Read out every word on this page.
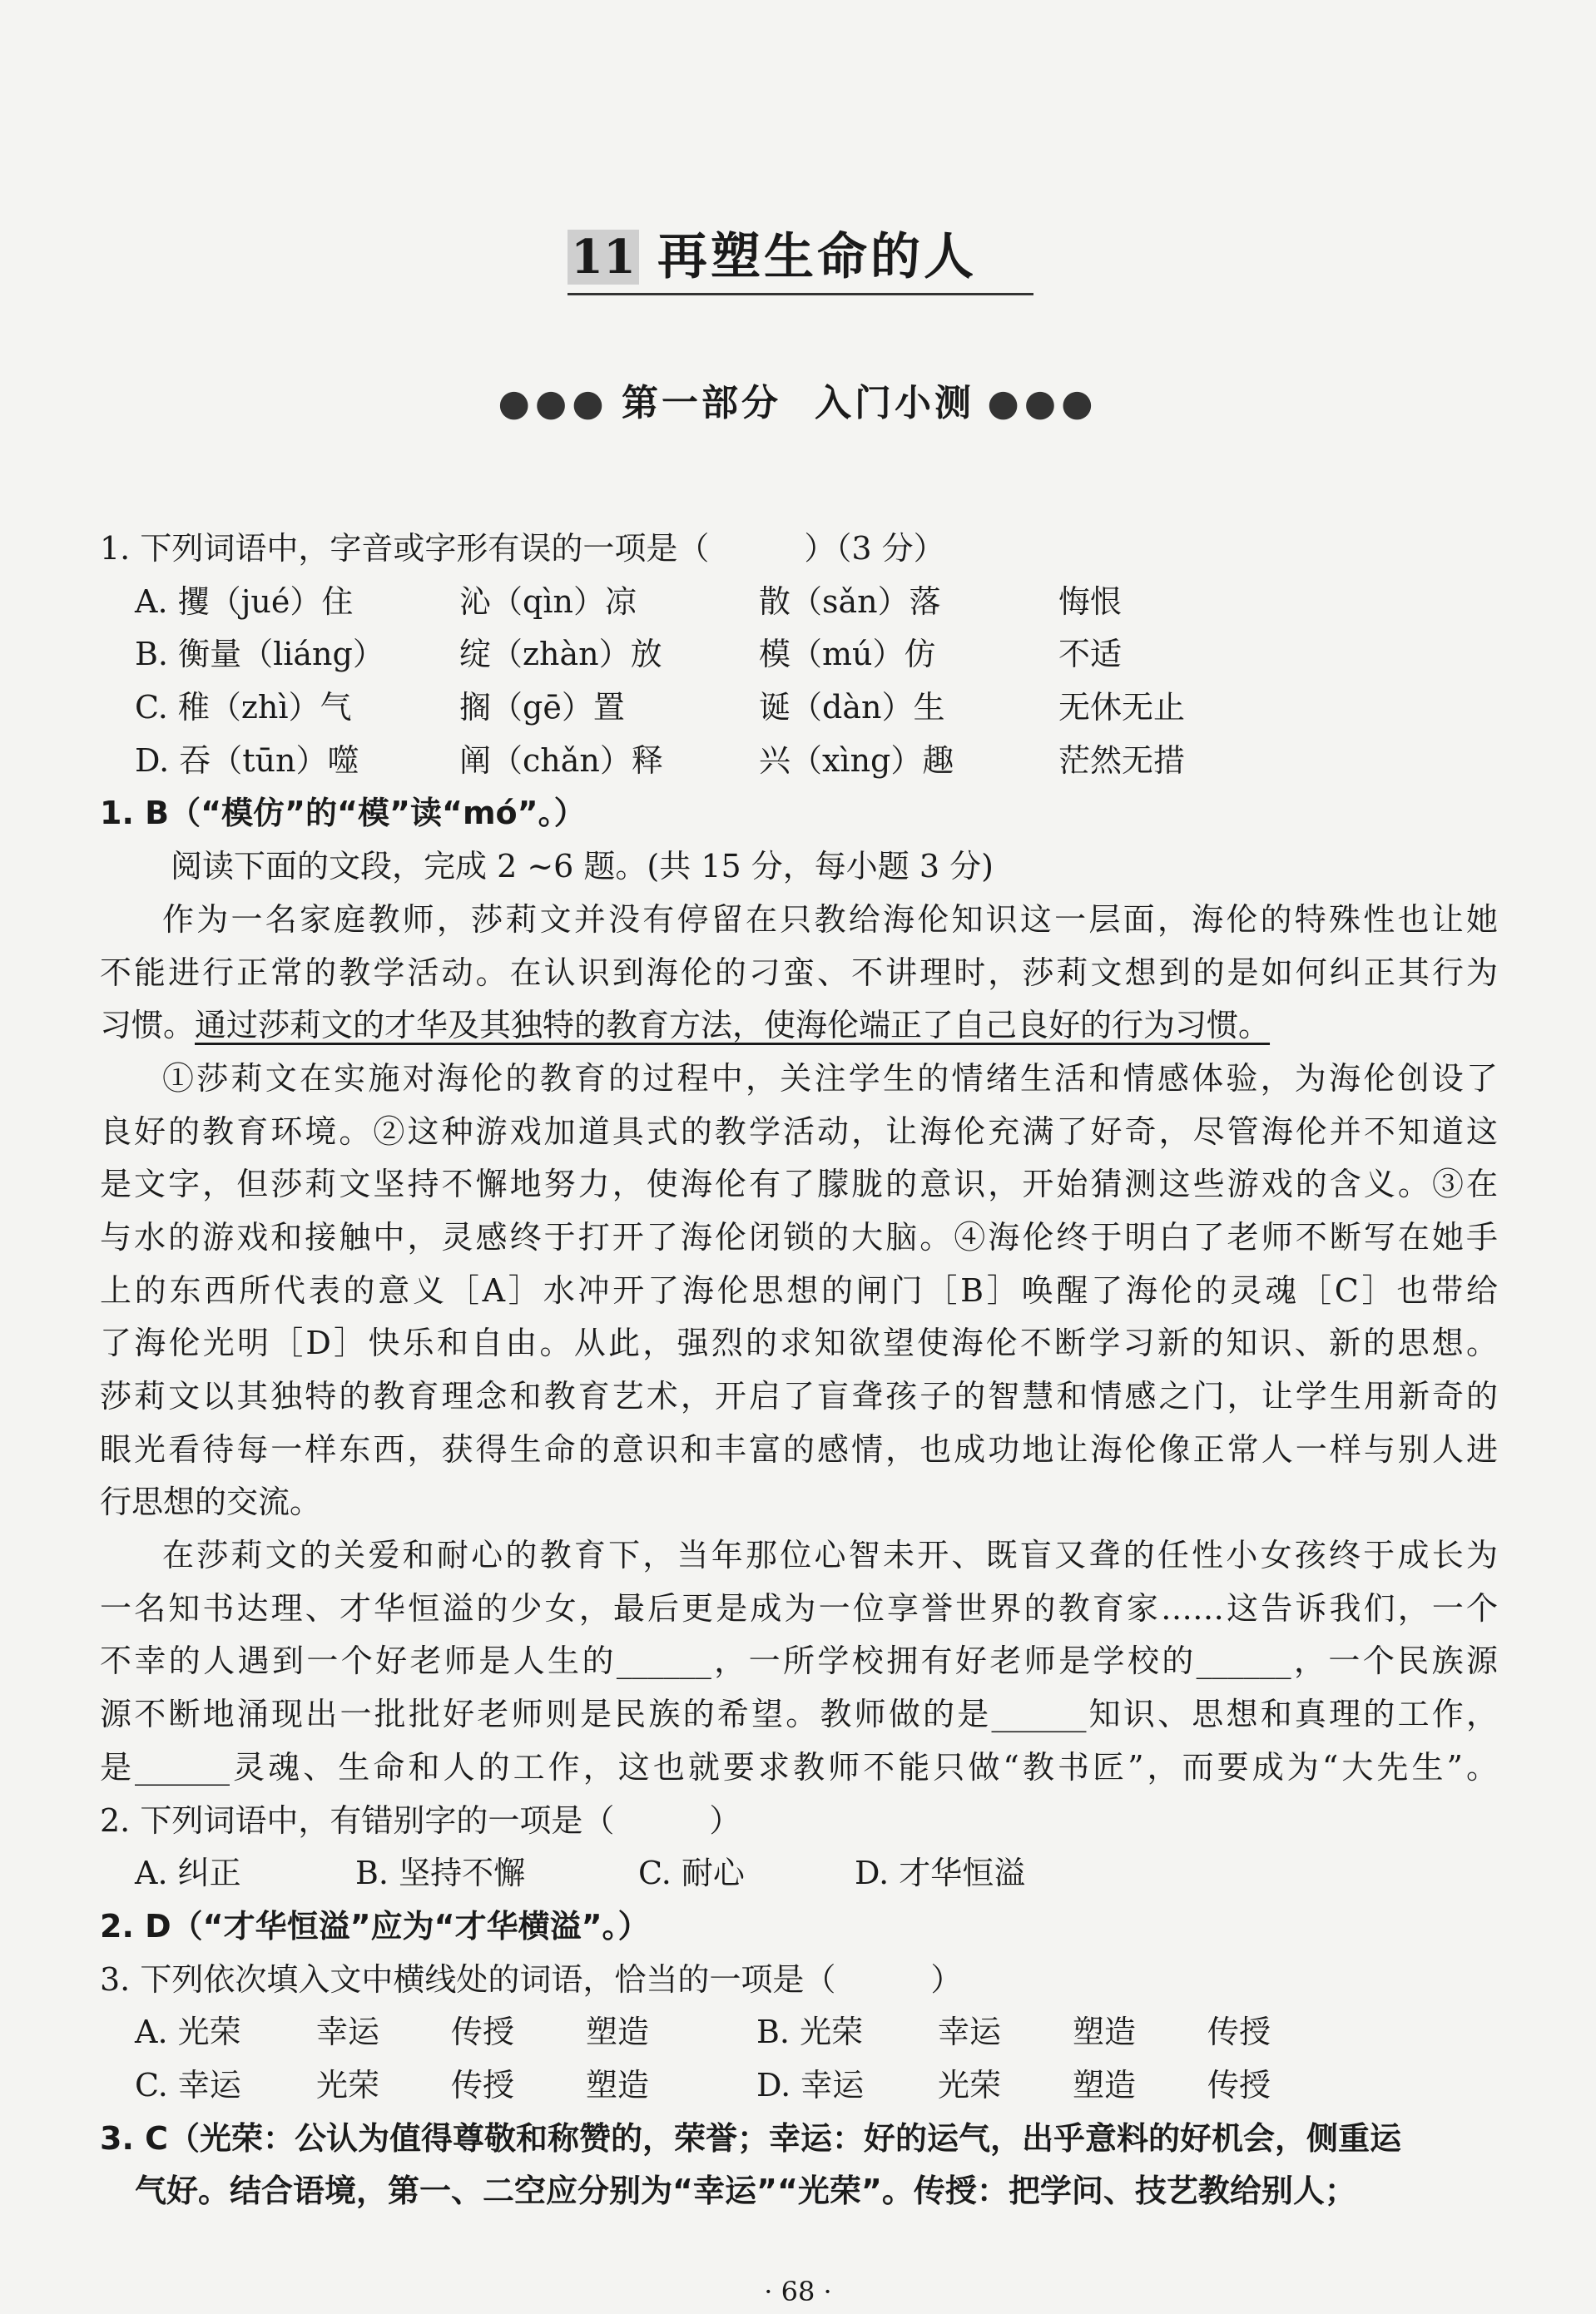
11 再塑生命的人
●●● 第一部分 入门小测 ●●●
1. 下列词语中，字音或字形有误的一项是（　　　）（3 分）
A. 攫（jué）住	沁（qìn）凉	散（sǎn）落	悔恨
B. 衡量（liáng）	绽（zhàn）放	模（mú）仿	不适
C. 稚（zhì）气	搁（gē）置	诞（dàn）生	无休无止
D. 吞（tūn）噬	阐（chǎn）释	兴（xìng）趣	茫然无措
1. B（“模仿”的“模”读“mó”。）
阅读下面的文段，完成 2 ~6 题。(共 15 分，每小题 3 分)
作为一名家庭教师，莎莉文并没有停留在只教给海伦知识这一层面，海伦的特殊性也让她
不能进行正常的教学活动。在认识到海伦的刁蛮、不讲理时，莎莉文想到的是如何纠正其行为
习惯。通过莎莉文的才华及其独特的教育方法，使海伦端正了自己良好的行为习惯。
①莎莉文在实施对海伦的教育的过程中，关注学生的情绪生活和情感体验，为海伦创设了
良好的教育环境。②这种游戏加道具式的教学活动，让海伦充满了好奇，尽管海伦并不知道这
是文字，但莎莉文坚持不懈地努力，使海伦有了朦胧的意识，开始猜测这些游戏的含义。③在
与水的游戏和接触中，灵感终于打开了海伦闭锁的大脑。④海伦终于明白了老师不断写在她手
上的东西所代表的意义［A］水冲开了海伦思想的闸门［B］唤醒了海伦的灵魂［C］也带给
了海伦光明［D］快乐和自由。从此，强烈的求知欲望使海伦不断学习新的知识、新的思想。
莎莉文以其独特的教育理念和教育艺术，开启了盲聋孩子的智慧和情感之门，让学生用新奇的
眼光看待每一样东西，获得生命的意识和丰富的感情，也成功地让海伦像正常人一样与别人进
行思想的交流。
在莎莉文的关爱和耐心的教育下，当年那位心智未开、既盲又聋的任性小女孩终于成长为
一名知书达理、才华恒溢的少女，最后更是成为一位享誉世界的教育家……这告诉我们，一个
不幸的人遇到一个好老师是人生的______，一所学校拥有好老师是学校的______，一个民族源
源不断地涌现出一批批好老师则是民族的希望。教师做的是______知识、思想和真理的工作，
是______灵魂、生命和人的工作，这也就要求教师不能只做“教书匠”，而要成为“大先生”。
2. 下列词语中，有错别字的一项是（　　　）
A. 纠正	B. 坚持不懈	C. 耐心	D. 才华恒溢
2. D（“才华恒溢”应为“才华横溢”。）
3. 下列依次填入文中横线处的词语，恰当的一项是（　　　）
A. 光荣	幸运	传授	塑造	B. 光荣	幸运	塑造	传授
C. 幸运	光荣	传授	塑造	D. 幸运	光荣	塑造	传授
3. C（光荣：公认为值得尊敬和称赞的，荣誉；幸运：好的运气，出乎意料的好机会，侧重运
气好。结合语境，第一、二空应分别为“幸运”“光荣”。传授：把学问、技艺教给别人；
· 68 ·
